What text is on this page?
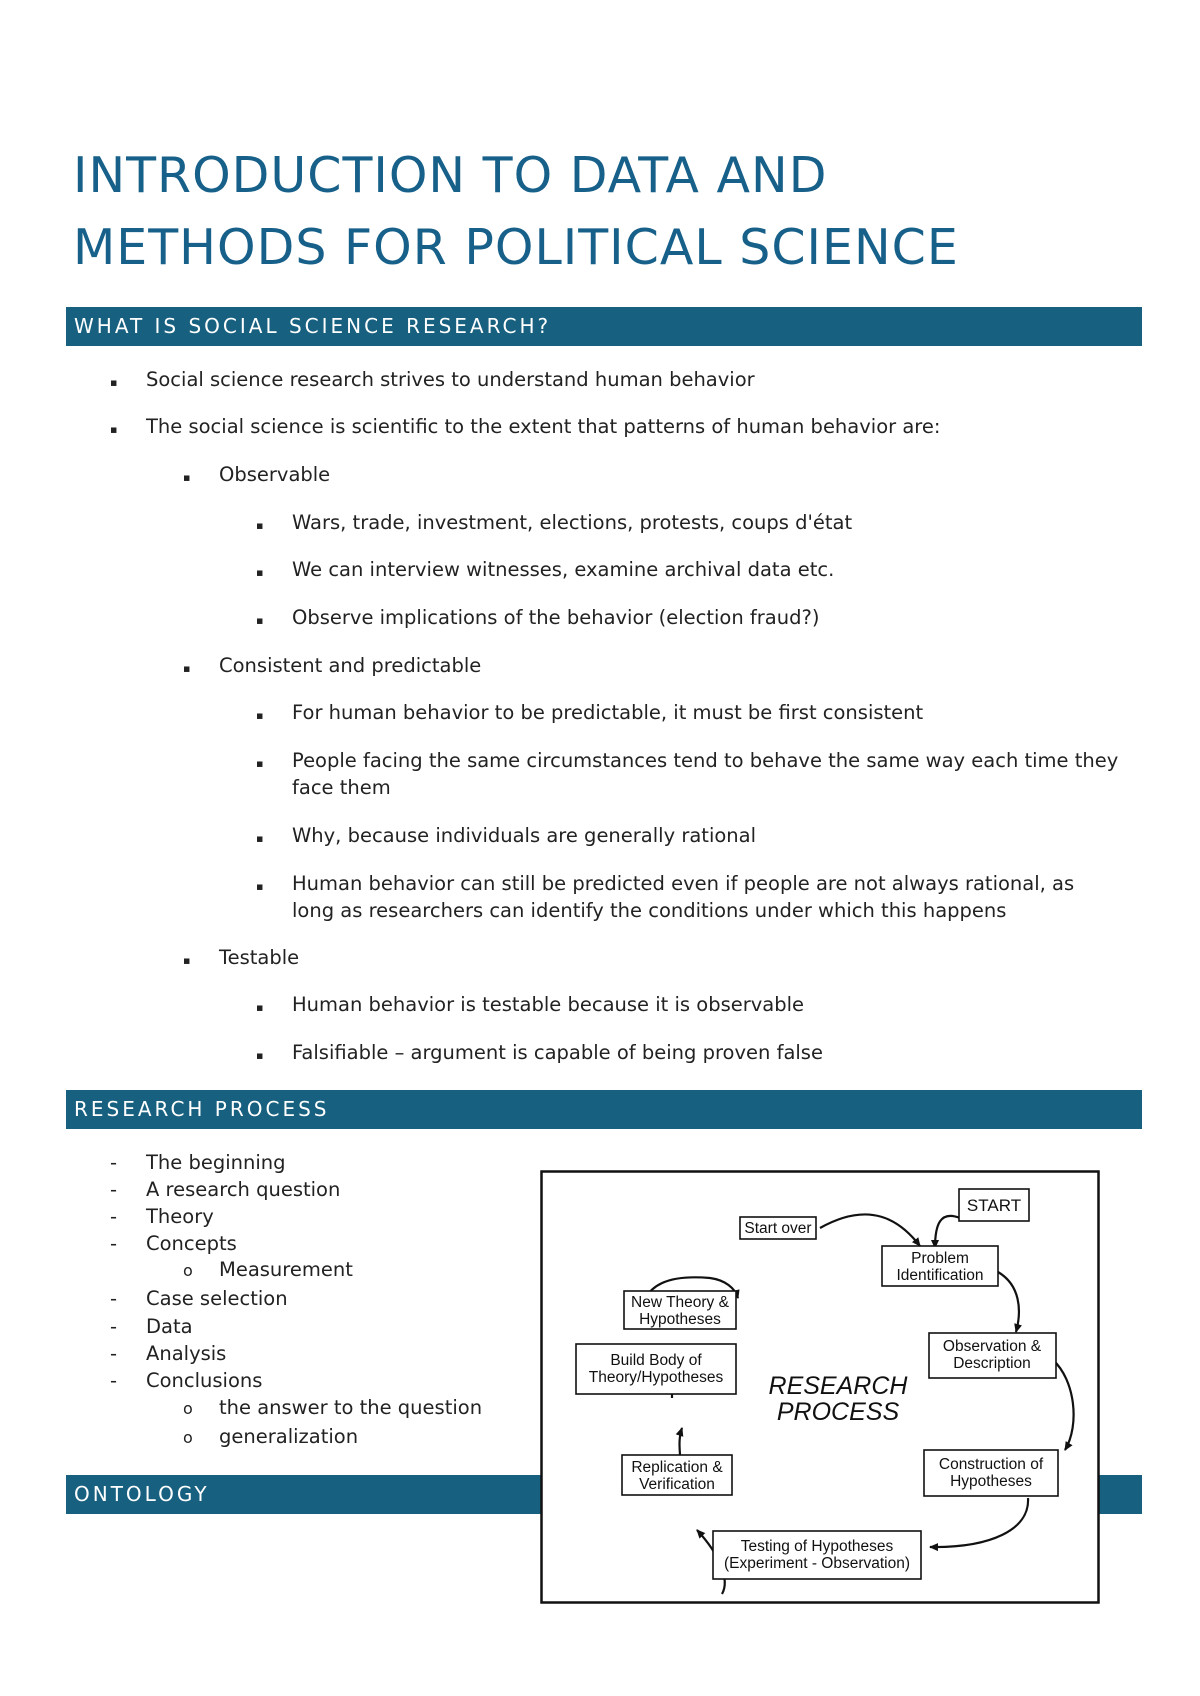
INTRODUCTION TO DATA AND
METHODS FOR POLITICAL SCIENCE
WHAT IS SOCIAL SCIENCE RESEARCH?
▪ Social science research strives to understand human behavior
▪ The social science is scientific to the extent that patterns of human behavior are:
▪ Observable
▪ Wars, trade, investment, elections, protests, coups d'état
▪ We can interview witnesses, examine archival data etc.
▪ Observe implications of the behavior (election fraud?)
▪ Consistent and predictable
▪ For human behavior to be predictable, it must be first consistent
▪ People facing the same circumstances tend to behave the same way each time they face them
▪ Why, because individuals are generally rational
▪ Human behavior can still be predicted even if people are not always rational, as long as researchers can identify the conditions under which this happens
▪ Testable
▪ Human behavior is testable because it is observable
▪ Falsifiable – argument is capable of being proven false
RESEARCH PROCESS
- The beginning
- A research question
- Theory
- Concepts
o Measurement
- Case selection
- Data
- Analysis
- Conclusions
o the answer to the question
o generalization
ONTOLOGY
START
Start over
Problem
Identification
New Theory &
Hypotheses
Observation &
Description
Build Body of
Theory/Hypotheses
Replication &
Verification
Construction of
Hypotheses
Testing of Hypotheses
(Experiment - Observation)
RESEARCH
PROCESS
